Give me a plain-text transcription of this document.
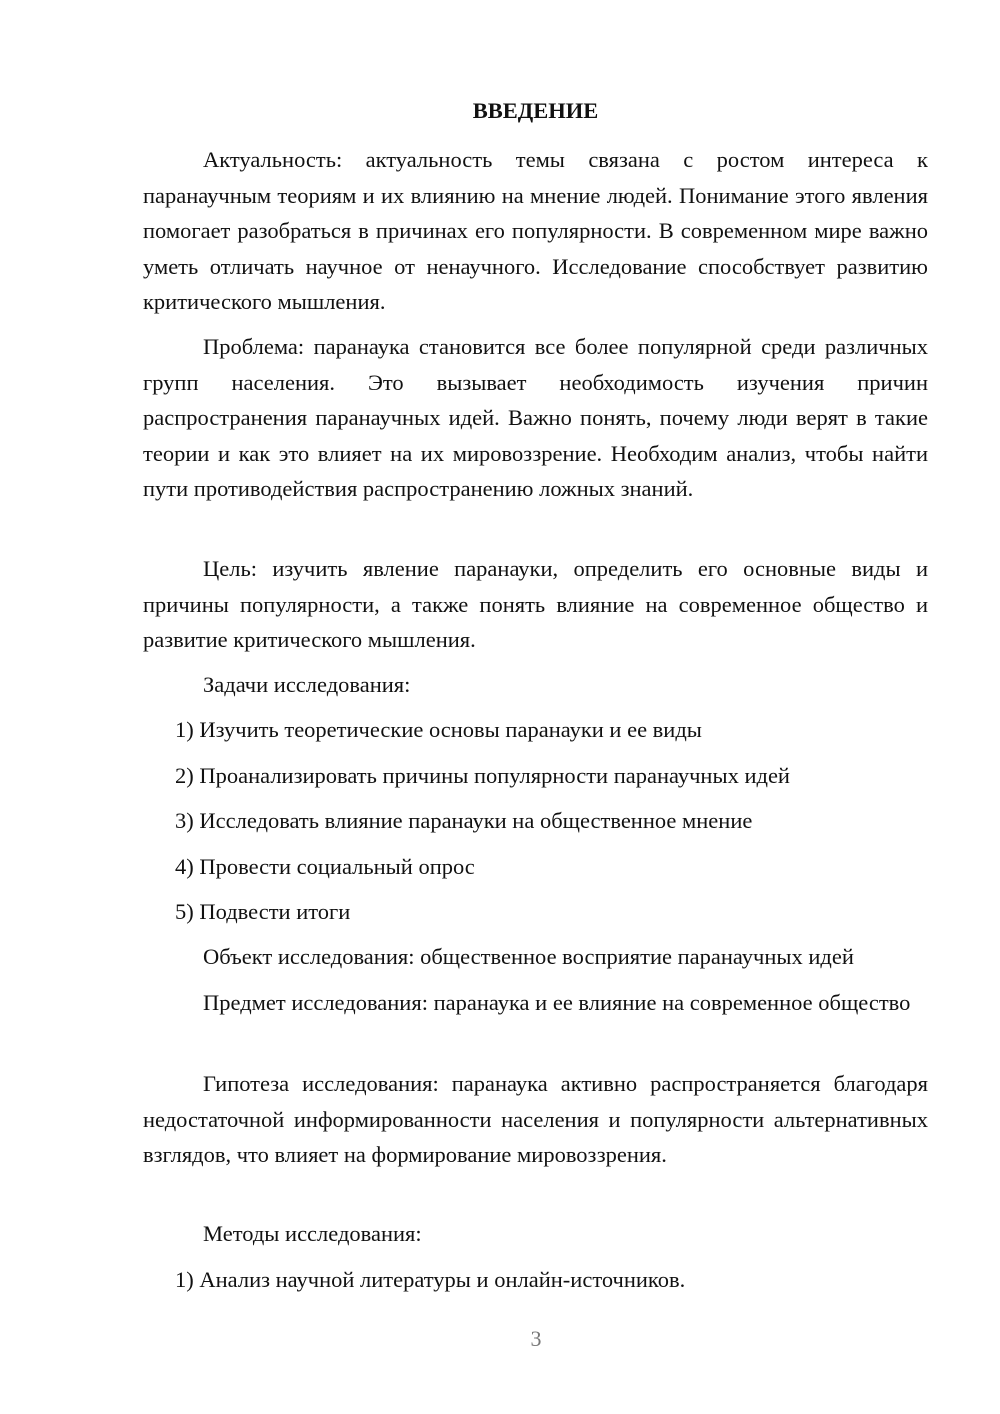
ВВЕДЕНИЕ

Актуальность: актуальность темы связана с ростом интереса к паранаучным теориям и их влиянию на мнение людей. Понимание этого явления помогает разобраться в причинах его популярности. В современном мире важно уметь отличать научное от ненаучного. Исследование способствует развитию критического мышления.

Проблема: паранаука становится все более популярной среди различных групп населения. Это вызывает необходимость изучения причин распространения паранаучных идей. Важно понять, почему люди верят в такие теории и как это влияет на их мировоззрение. Необходим анализ, чтобы найти пути противодействия распространению ложных знаний.

Цель: изучить явление паранауки, определить его основные виды и причины популярности, а также понять влияние на современное общество и развитие критического мышления.

Задачи исследования:

1) Изучить теоретические основы паранауки и ее виды

2) Проанализировать причины популярности паранаучных идей

3) Исследовать влияние паранауки на общественное мнение

4) Провести социальный опрос

5) Подвести итоги

Объект исследования: общественное восприятие паранаучных идей

Предмет исследования: паранаука и ее влияние на современное общество

Гипотеза исследования: паранаука активно распространяется благодаря недостаточной информированности населения и популярности альтернативных взглядов, что влияет на формирование мировоззрения.

Методы исследования:

1) Анализ научной литературы и онлайн-источников.

3
